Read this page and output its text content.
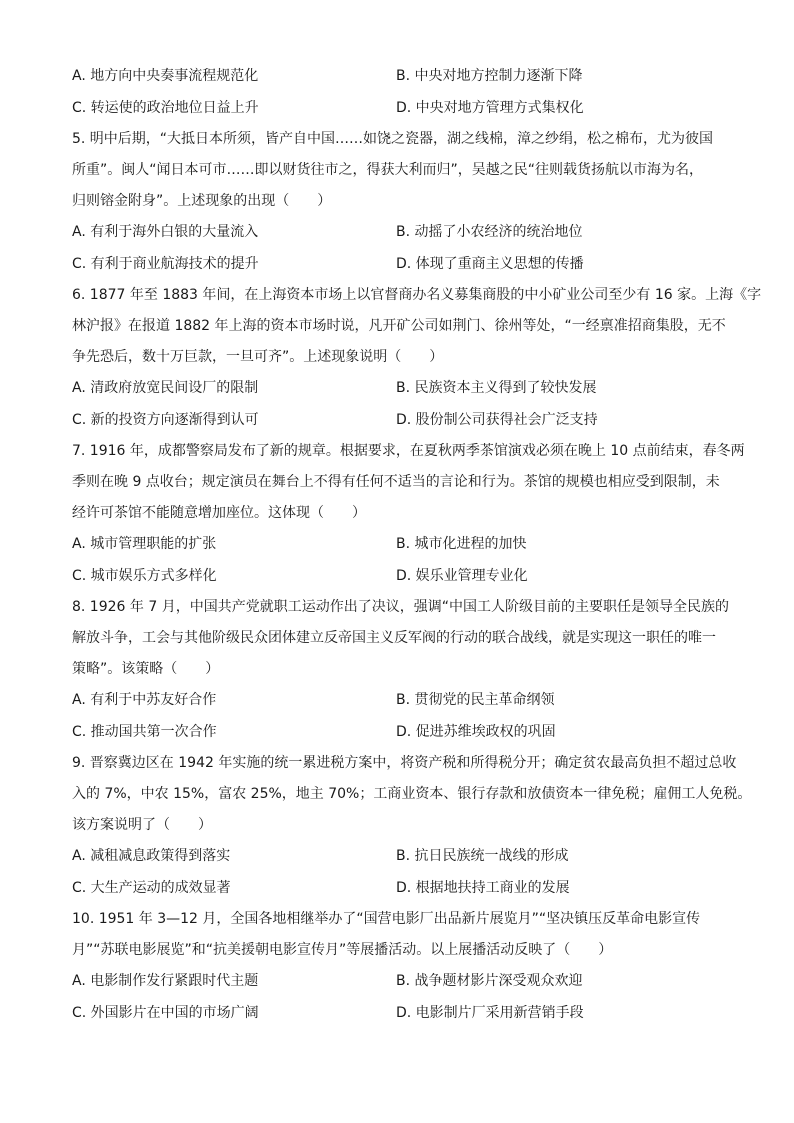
A. 地方向中央奏事流程规范化	B. 中央对地方控制力逐渐下降
C. 转运使的政治地位日益上升	D. 中央对地方管理方式集权化
5. 明中后期，“大抵日本所须，皆产自中国……如饶之瓷器，湖之线棉，漳之纱绢，松之棉布，尤为彼国
所重”。闽人“闻日本可市……即以财货往市之，得获大利而归”，吴越之民“往则载货扬航以市海为名，
归则镕金附身”。上述现象的出现（　　）
A. 有利于海外白银的大量流入	B. 动摇了小农经济的统治地位
C. 有利于商业航海技术的提升	D. 体现了重商主义思想的传播
6. 1877 年至 1883 年间，在上海资本市场上以官督商办名义募集商股的中小矿业公司至少有 16 家。上海《字
林沪报》在报道 1882 年上海的资本市场时说，凡开矿公司如荆门、徐州等处，“一经禀准招商集股，无不
争先恐后，数十万巨款，一旦可齐”。上述现象说明（　　）
A. 清政府放宽民间设厂的限制	B. 民族资本主义得到了较快发展
C. 新的投资方向逐渐得到认可	D. 股份制公司获得社会广泛支持
7. 1916 年，成都警察局发布了新的规章。根据要求，在夏秋两季茶馆演戏必须在晚上 10 点前结束，春冬两
季则在晚 9 点收台；规定演员在舞台上不得有任何不适当的言论和行为。茶馆的规模也相应受到限制，未
经许可茶馆不能随意增加座位。这体现（　　）
A. 城市管理职能的扩张	B. 城市化进程的加快
C. 城市娱乐方式多样化	D. 娱乐业管理专业化
8. 1926 年 7 月，中国共产党就职工运动作出了决议，强调“中国工人阶级目前的主要职任是领导全民族的
解放斗争，工会与其他阶级民众团体建立反帝国主义反军阀的行动的联合战线，就是实现这一职任的唯一
策略”。该策略（　　）
A. 有利于中苏友好合作	B. 贯彻党的民主革命纲领
C. 推动国共第一次合作	D. 促进苏维埃政权的巩固
9. 晋察冀边区在 1942 年实施的统一累进税方案中，将资产税和所得税分开；确定贫农最高负担不超过总收
入的 7%，中农 15%，富农 25%，地主 70%；工商业资本、银行存款和放债资本一律免税；雇佣工人免税。
该方案说明了（　　）
A. 减租减息政策得到落实	B. 抗日民族统一战线的形成
C. 大生产运动的成效显著	D. 根据地扶持工商业的发展
10. 1951 年 3—12 月，全国各地相继举办了“国营电影厂出品新片展览月”“坚决镇压反革命电影宣传
月”“苏联电影展览”和“抗美援朝电影宣传月”等展播活动。以上展播活动反映了（　　）
A. 电影制作发行紧跟时代主题	B. 战争题材影片深受观众欢迎
C. 外国影片在中国的市场广阔	D. 电影制片厂采用新营销手段
